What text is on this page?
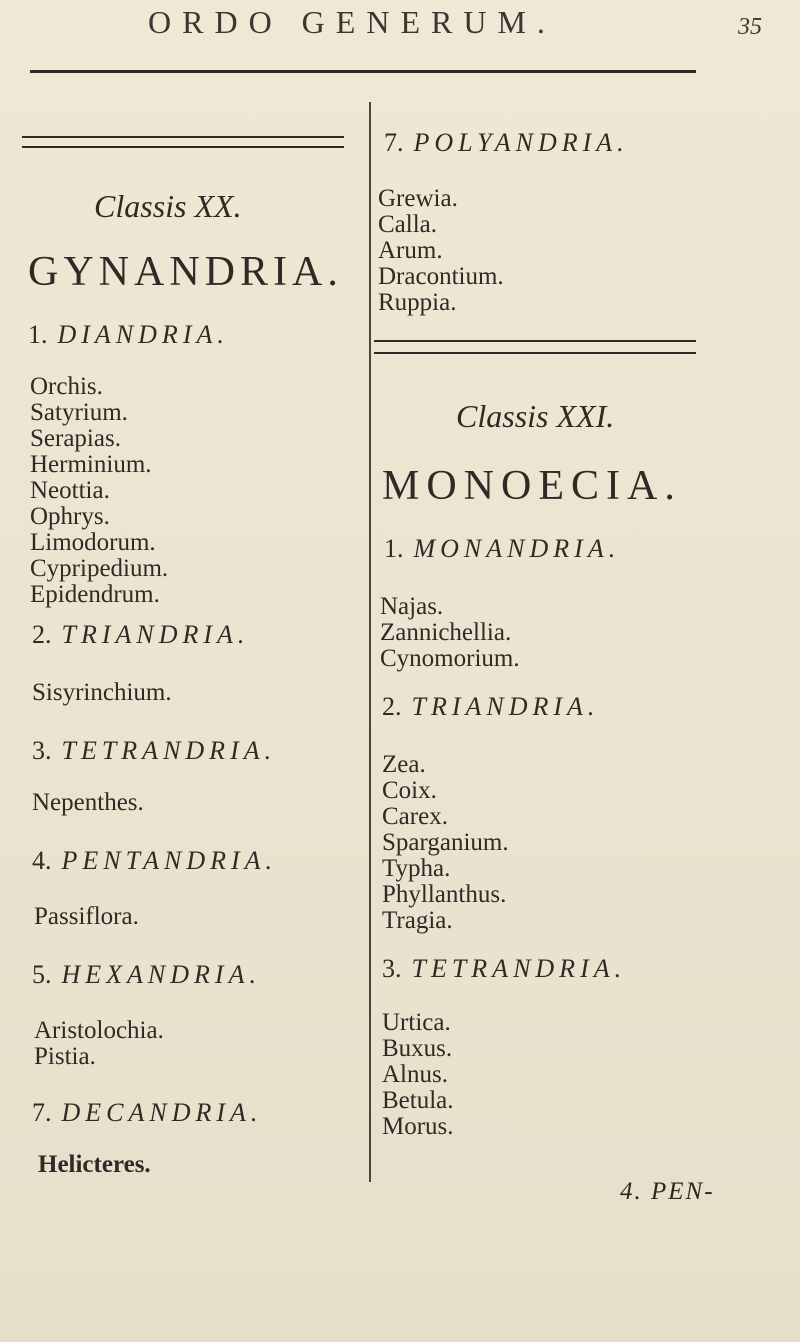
ORDO GENERUM.	35

Classis XX.

GYNANDRIA.

1. DIANDRIA.

Orchis.
Satyrium.
Serapias.
Herminium.
Neottia.
Ophrys.
Limodorum.
Cypripedium.
Epidendrum.

2. TRIANDRIA.

Sisyrinchium.

3. TETRANDRIA.

Nepenthes.

4. PENTANDRIA.

Passiflora.

5. HEXANDRIA.

Aristolochia.
Pistia.

7. DECANDRIA.

Helicteres.

7. POLYANDRIA.

Grewia.
Calla.
Arum.
Dracontium.
Ruppia.

Classis XXI.

MONOECIA.

1. MONANDRIA.

Najas.
Zannichellia.
Cynomorium.

2. TRIANDRIA.

Zea.
Coix.
Carex.
Sparganium.
Typha.
Phyllanthus.
Tragia.

3. TETRANDRIA.

Urtica.
Buxus.
Alnus.
Betula.
Morus.

4. PEN-
